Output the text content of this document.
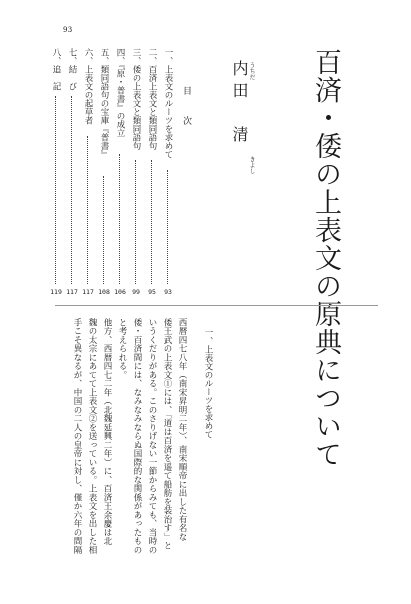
93
百済・倭の上表文の原典について
うちだ
きよし
内田　清
目　次
一、上表文のルーツを求めて
93
二、百済上表文と類同語句
95
三、倭の上表文と類同語句
99
四、『原・普書』の成立
106
五、類同語句の宝庫『普書』
108
六、上表文の起草者
117
七、結　び
117
八、追　記
119
一、上表文のルーツを求めて
西暦四七八年（南宋昇明二年）、南宋順帝に出した有名な
倭王武の上表文①には、「道は百済を遥て船舫を装治す」と
いうくだりがある。このさりげない一節からみても、当時の
倭・百済間には、なみなみならぬ国際的な関係があったもの
と考えられる。
他方、西暦四七二年（北魏延興二年）に、百済王余慶は北
魏の太宗にあてて上表文②を送っている。上表文を出した相
手こそ異なるが、中国の二人の皇帝に対し、僅か六年の間隔
